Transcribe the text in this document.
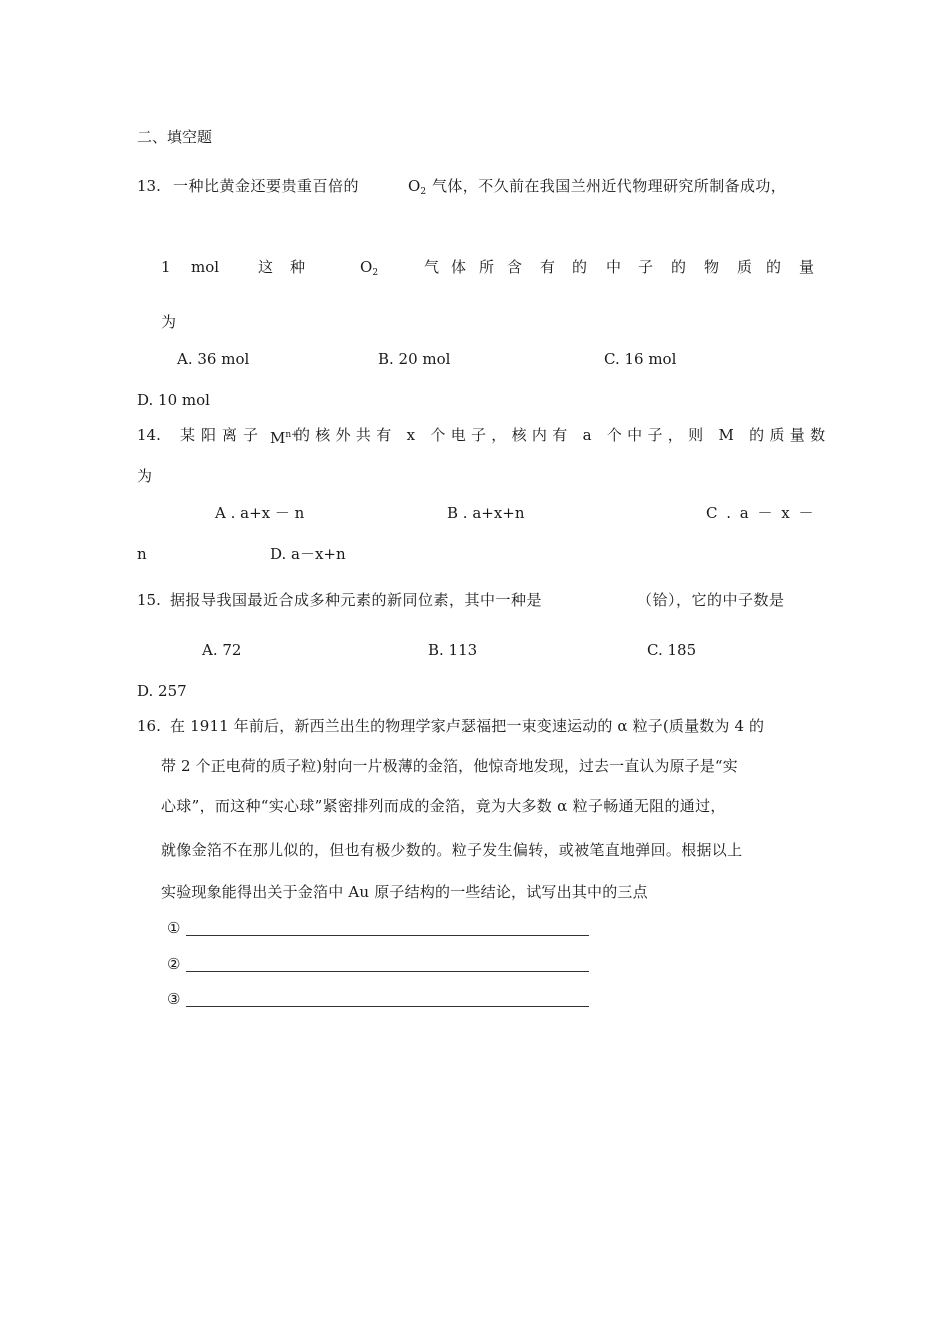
二、填空题
13. 一种比黄金还要贵重百倍的	$O_2$ 气体，不久前在我国兰州近代物理研究所制备成功，
1 mol	这 种	$O_2$	气 体 所 含 有 的 中 子 的 物 质 的 量
为
A. 36 mol	B. 20 mol	C. 16 mol
D. 10 mol
14. 某阳离子 $M^{n+}$
的核外共有 x 个电子，核内有 a 个中子，则 M 的质量数
为
A . a+x － n	B . a+x+n	C . a － x －
n	D. a－x+n
15. 据报导我国最近合成多种元素的新同位素，其中一种是	（铪），它的中子数是
A. 72	B. 113	C. 185
D. 257
16. 在 1911 年前后，新西兰出生的物理学家卢瑟福把一束变速运动的 α 粒子(质量数为 4 的
带 2 个正电荷的质子粒)射向一片极薄的金箔，他惊奇地发现，过去一直认为原子是“实
心球”，而这种“实心球”紧密排列而成的金箔，竟为大多数 α 粒子畅通无阻的通过，
就像金箔不在那儿似的，但也有极少数的。粒子发生偏转，或被笔直地弹回。根据以上
实验现象能得出关于金箔中 Au 原子结构的一些结论，试写出其中的三点
①
②
③
